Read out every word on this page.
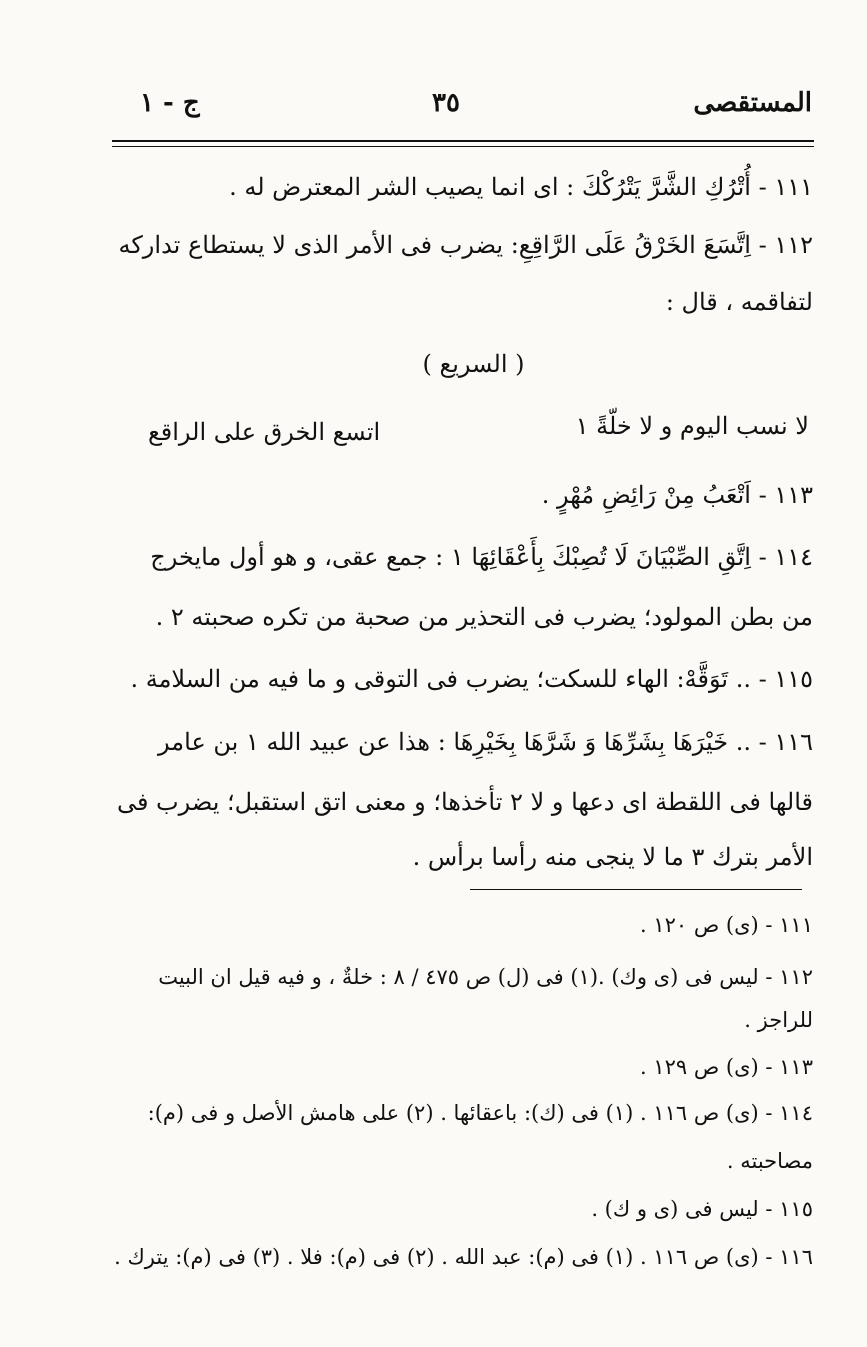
المستقصى
٣٥
ج - ١
١١١ - أُتْرُكِ الشَّرَّ يَتْرُكْكَ : اى انما يصيب الشر المعترض له .
١١٢ - اِتَّسَعَ الخَرْقُ عَلَى الرَّاقِعِ: يضرب فى الأمر الذى لا يستطاع تداركه
لتفاقمه ، قال :
( السريع )
لا نسب اليوم و لا خلّةً ١
اتسع الخرق على الراقع
١١٣ - اَتْعَبُ مِنْ رَائِضِ مُهْرٍ .
١١٤ - اِتَّقِ الصِّبْيَانَ لَا تُصِبْكَ بِأَعْقَائِهَا ١ : جمع عقى، و هو أول مايخرج
من بطن المولود؛ يضرب فى التحذير من صحبة من تكره صحبته ٢ .
١١٥ - .. تَوَقَّهْ: الهاء للسكت؛ يضرب فى التوقى و ما فيه من السلامة .
١١٦ - .. خَيْرَهَا بِشَرِّهَا وَ شَرَّهَا بِخَيْرِهَا : هذا عن عبيد الله ١ بن عامر
قالها فى اللقطة اى دعها و لا ٢ تأخذها؛ و معنى اتق استقبل؛ يضرب فى
الأمر بترك ٣ ما لا ينجى منه رأسا برأس .
١١١ - (ى) ص ١٢٠ .
١١٢ - ليس فى (ى وك) .(١) فى (ل) ص ٤٧٥ / ٨ : خلةٌ ، و فيه قيل ان البيت
للراجز .
١١٣ - (ى) ص ١٢٩ .
١١٤ - (ى) ص ١١٦ . (١) فى (ك): باعقائها . (٢) على هامش الأصل و فى (م):
مصاحبته .
١١٥ - ليس فى (ى و ك) .
١١٦ - (ى) ص ١١٦ . (١) فى (م): عبد الله . (٢) فى (م): فلا . (٣) فى (م): يترك .
